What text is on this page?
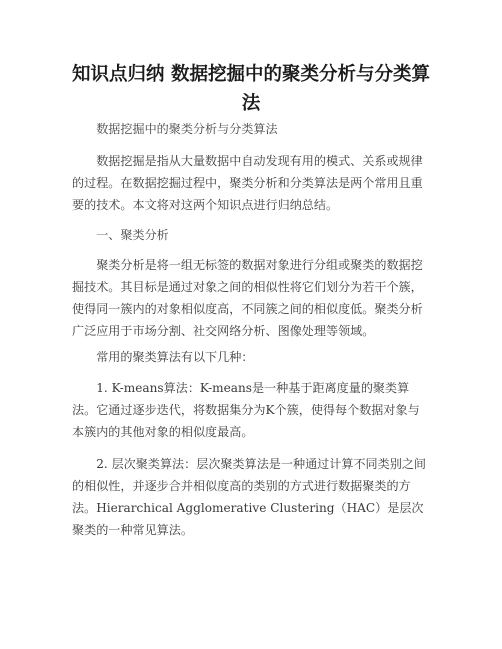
知识点归纳 数据挖掘中的聚类分析与分类算法

数据挖掘中的聚类分析与分类算法

数据挖掘是指从大量数据中自动发现有用的模式、关系或规律的过程。在数据挖掘过程中，聚类分析和分类算法是两个常用且重要的技术。本文将对这两个知识点进行归纳总结。

一、聚类分析

聚类分析是将一组无标签的数据对象进行分组或聚类的数据挖掘技术。其目标是通过对象之间的相似性将它们划分为若干个簇，使得同一簇内的对象相似度高，不同簇之间的相似度低。聚类分析广泛应用于市场分割、社交网络分析、图像处理等领域。

常用的聚类算法有以下几种：

1. K-means算法：K-means是一种基于距离度量的聚类算法。它通过逐步迭代，将数据集分为K个簇，使得每个数据对象与本簇内的其他对象的相似度最高。

2. 层次聚类算法：层次聚类算法是一种通过计算不同类别之间的相似性，并逐步合并相似度高的类别的方式进行数据聚类的方法。Hierarchical Agglomerative Clustering（HAC）是层次聚类的一种常见算法。
